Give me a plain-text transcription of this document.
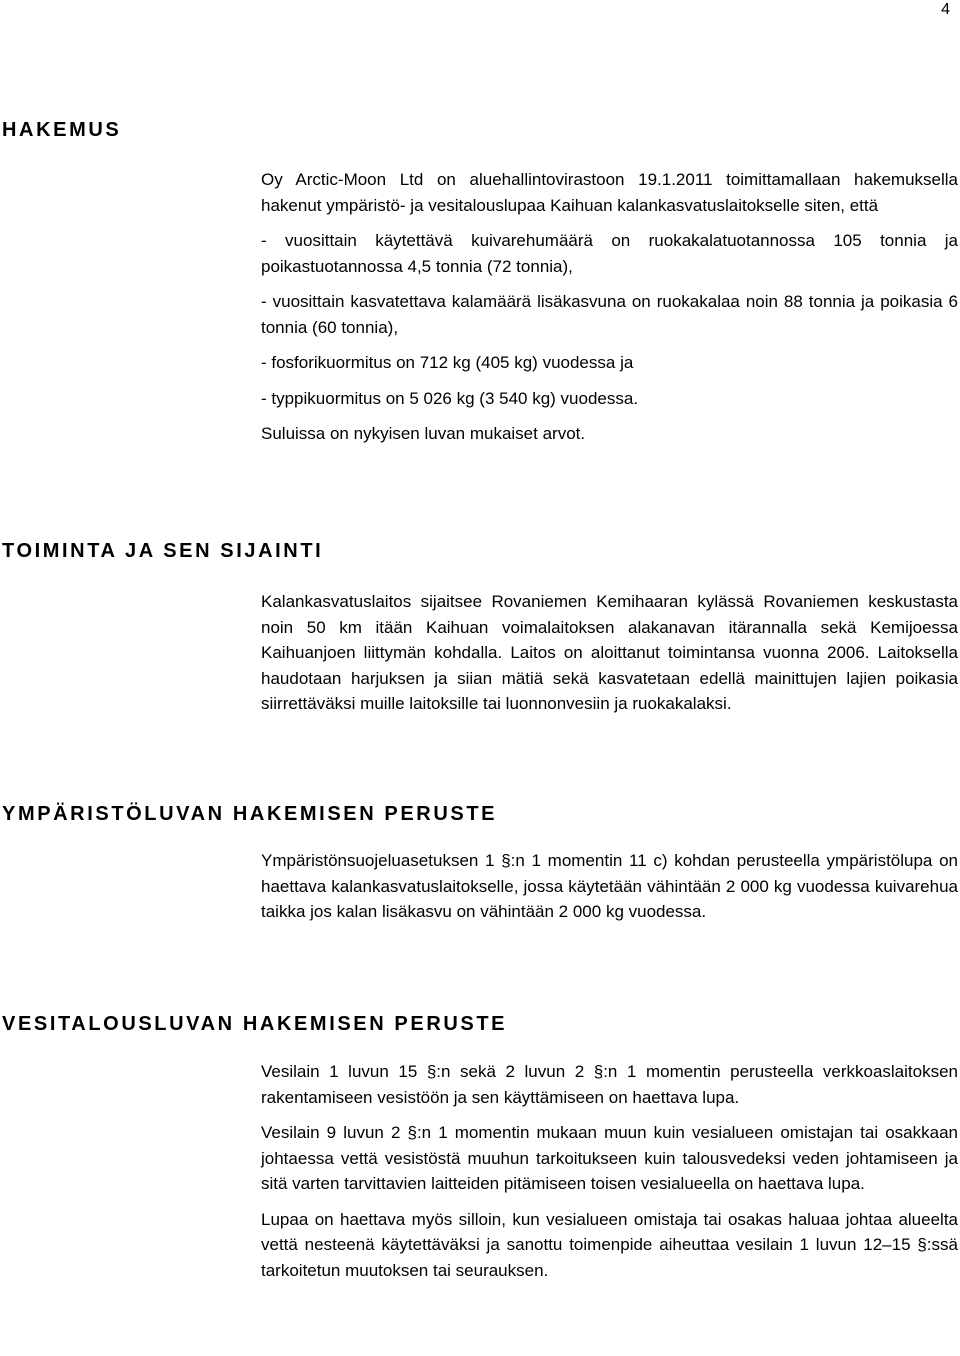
4
HAKEMUS

Oy Arctic-Moon Ltd on aluehallintovirastoon 19.1.2011 toimittamallaan hakemuksella hakenut ympäristö- ja vesitalouslupaa Kaihuan kalankasvatuslaitokselle siten, että

- vuosittain käytettävä kuivarehumäärä on ruokakalatuotannossa 105 tonnia ja poikastuotannossa 4,5 tonnia (72 tonnia),

- vuosittain kasvatettava kalamäärä lisäkasvuna on ruokakalaa noin 88 tonnia ja poikasia 6 tonnia (60 tonnia),

- fosforikuormitus on 712 kg (405 kg) vuodessa ja

- typpikuormitus on 5 026 kg (3 540 kg) vuodessa.

Suluissa on nykyisen luvan mukaiset arvot.

TOIMINTA JA SEN SIJAINTI

Kalankasvatuslaitos sijaitsee Rovaniemen Kemihaaran kylässä Rovaniemen keskustasta noin 50 km itään Kaihuan voimalaitoksen alakanavan itärannalla sekä Kemijoessa Kaihuanjoen liittymän kohdalla. Laitos on aloittanut toimintansa vuonna 2006. Laitoksella haudotaan harjuksen ja siian mätiä sekä kasvatetaan edellä mainittujen lajien poikasia siirrettäväksi muille laitoksille tai luonnonvesiin ja ruokakalaksi.

YMPÄRISTÖLUVAN HAKEMISEN PERUSTE

Ympäristönsuojeluasetuksen 1 §:n 1 momentin 11 c) kohdan perusteella ympäristölupa on haettava kalankasvatuslaitokselle, jossa käytetään vähintään 2 000 kg vuodessa kuivarehua taikka jos kalan lisäkasvu on vähintään 2 000 kg vuodessa.

VESITALOUSLUVAN HAKEMISEN PERUSTE

Vesilain 1 luvun 15 §:n sekä 2 luvun 2 §:n 1 momentin perusteella verkkoaslaitoksen rakentamiseen vesistöön ja sen käyttämiseen on haettava lupa.

Vesilain 9 luvun 2 §:n 1 momentin mukaan muun kuin vesialueen omistajan tai osakkaan johtaessa vettä vesistöstä muuhun tarkoitukseen kuin talousvedeksi veden johtamiseen ja sitä varten tarvittavien laitteiden pitämiseen toisen vesialueella on haettava lupa.

Lupaa on haettava myös silloin, kun vesialueen omistaja tai osakas haluaa johtaa alueelta vettä nesteenä käytettäväksi ja sanottu toimenpide aiheuttaa vesilain 1 luvun 12–15 §:ssä tarkoitetun muutoksen tai seurauksen.
